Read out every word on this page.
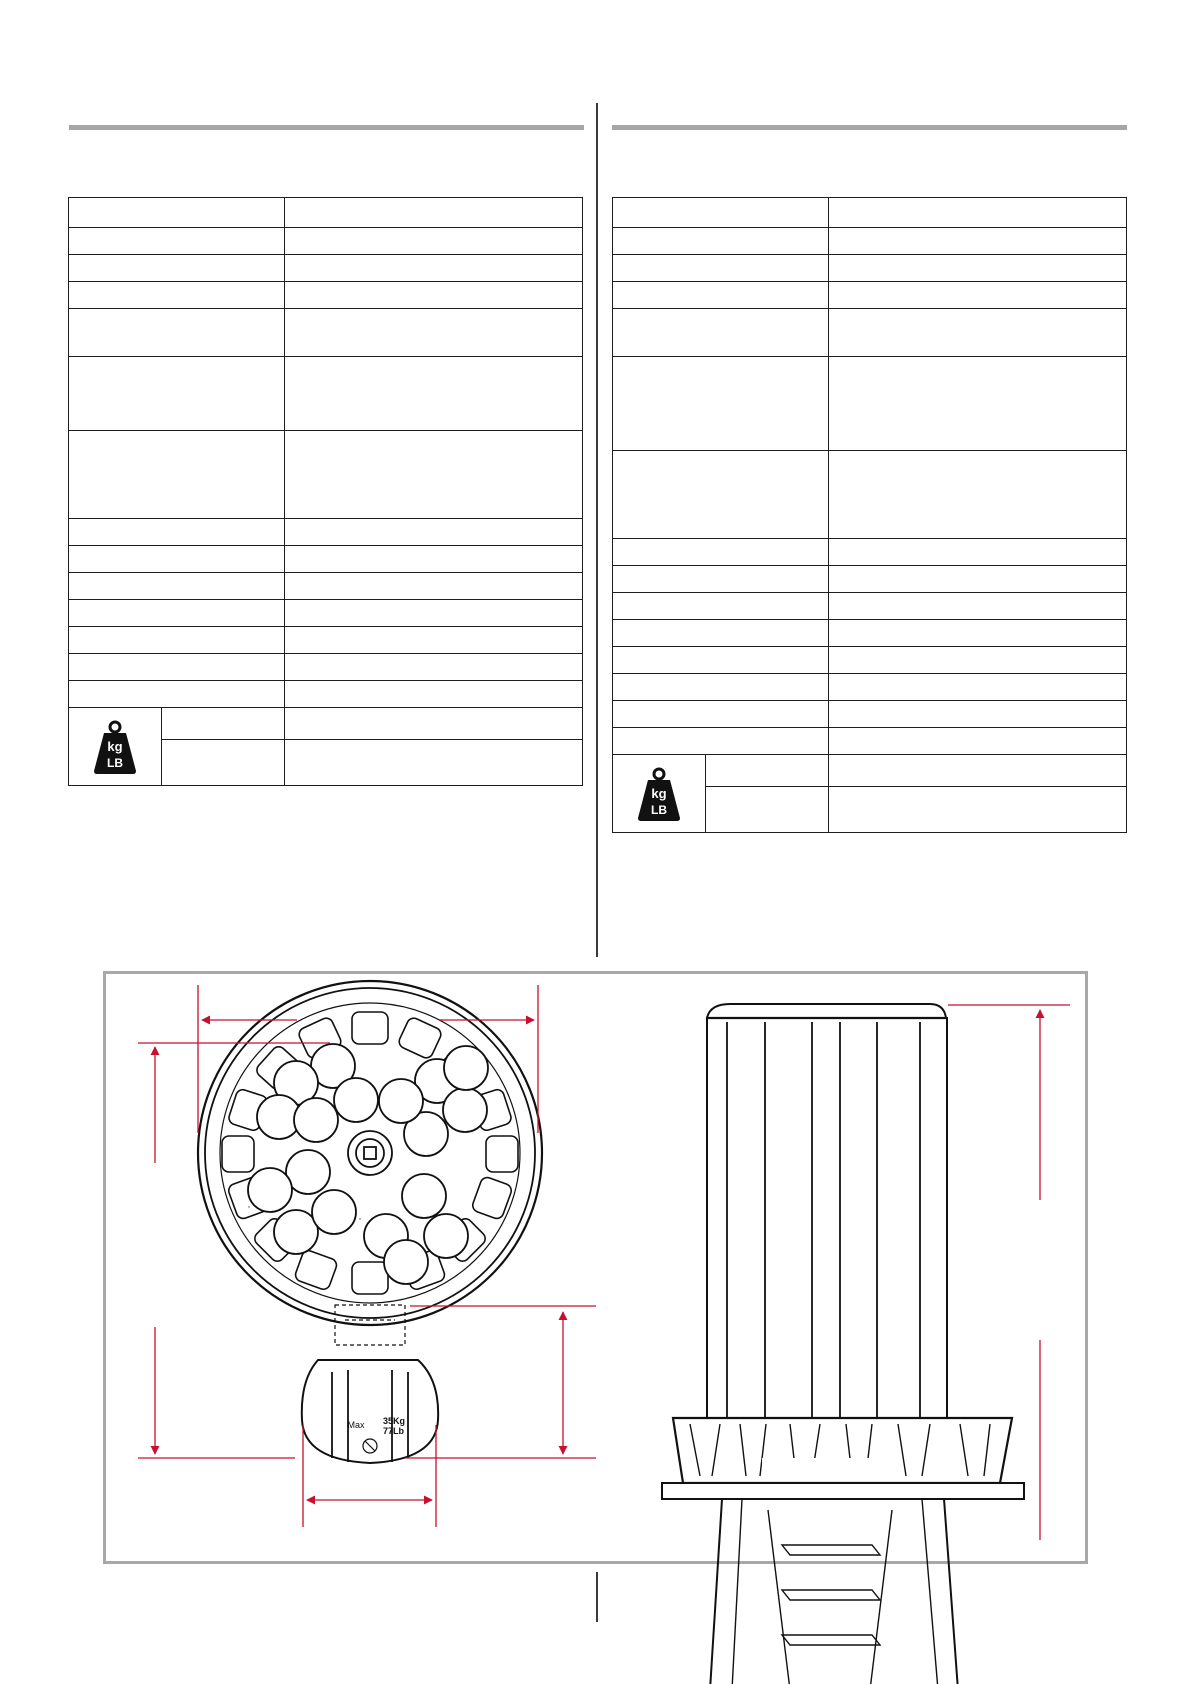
kg
LB		

kg
LB		

Max 35Kg
77Lb
